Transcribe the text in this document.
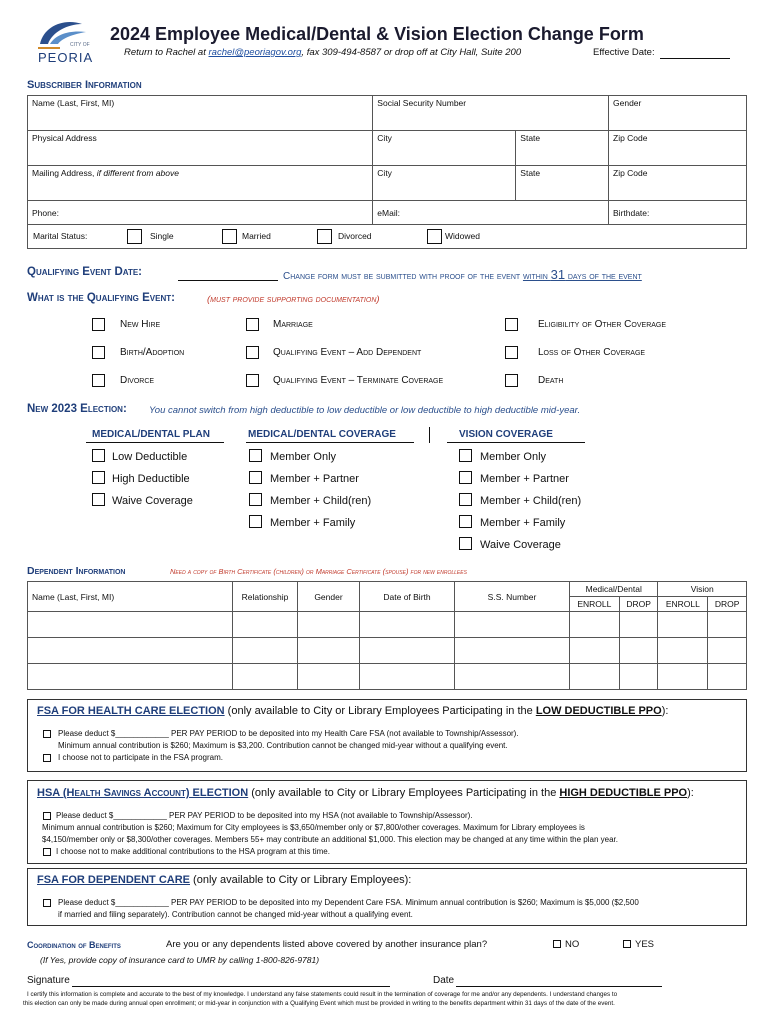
CITY OF
PEORIA
2024 Employee Medical/Dental & Vision Election Change Form
Return to Rachel at rachel@peoriagov.org, fax 309-494-8587 or drop off at City Hall, Suite 200	Effective Date:
Subscriber Information
Name (Last, First, MI)	Social Security Number		Gender
Physical Address	City	State	Zip Code
Mailing Address, if different from above	City	State	Zip Code
Phone:	eMail:		Birthdate:

Marital Status: Single Married Divorced Widowed			
Qualifying Event Date:	Change form must be submitted with proof of the event within 31 days of the event
What is the Qualifying Event:	(must provide supporting documentation)
New Hire	Marriage	Eligibility of Other Coverage
Birth/Adoption	Qualifying Event – Add Dependent	Loss of Other Coverage
Divorce	Qualifying Event – Terminate Coverage	Death
New 2023 Election: You cannot switch from high deductible to low deductible or low deductible to high deductible mid-year.
MEDICAL/DENTAL PLAN	MEDICAL/DENTAL COVERAGE	VISION COVERAGE
Low Deductible
High Deductible
Waive Coverage
Member Only
Member + Partner
Member + Child(ren)
Member + Family
Member Only
Member + Partner
Member + Child(ren)
Member + Family
Waive Coverage
Dependent Information	Need a copy of Birth Certificate (children) or Marriage Certificate (spouse) for new enrollees
Name (Last, First, MI)	Relationship	Gender	Date of Birth	S.S. Number	Medical/Dental		Vision	
					ENROLL	DROP	ENROLL	DROP

FSA FOR HEALTH CARE ELECTION (only available to City or Library Employees Participating in the LOW DEDUCTIBLE PPO):
Please deduct $____________ PER PAY PERIOD to be deposited into my Health Care FSA (not available to Township/Assessor).
Minimum annual contribution is $260; Maximum is $3,200. Contribution cannot be changed mid-year without a qualifying event.
I choose not to participate in the FSA program.
HSA (Health Savings Account) ELECTION (only available to City or Library Employees Participating in the HIGH DEDUCTIBLE PPO):
Please deduct $____________ PER PAY PERIOD to be deposited into my HSA (not available to Township/Assessor).
Minimum annual contribution is $260; Maximum for City employees is $3,650/member only or $7,800/other coverages. Maximum for Library employees is
$4,150/member only or $8,300/other coverages. Members 55+ may contribute an additional $1,000. This election may be changed at any time within the plan year.
I choose not to make additional contributions to the HSA program at this time.
FSA FOR DEPENDENT CARE (only available to City or Library Employees):
Please deduct $____________ PER PAY PERIOD to be deposited into my Dependent Care FSA. Minimum annual contribution is $260; Maximum is $5,000 ($2,500
if married and filing separately). Contribution cannot be changed mid-year without a qualifying event.
Coordination of Benefits	Are you or any dependents listed above covered by another insurance plan?	NO	YES
(If Yes, provide copy of insurance card to UMR by calling 1-800-826-9781)
Signature	Date
I certify this information is complete and accurate to the best of my knowledge. I understand any false statements could result in the termination of coverage for me and/or any dependents. I understand changes to
this election can only be made during annual open enrollment; or mid-year in conjunction with a Qualifying Event which must be provided in writing to the benefits department within 31 days of the date of the event.
